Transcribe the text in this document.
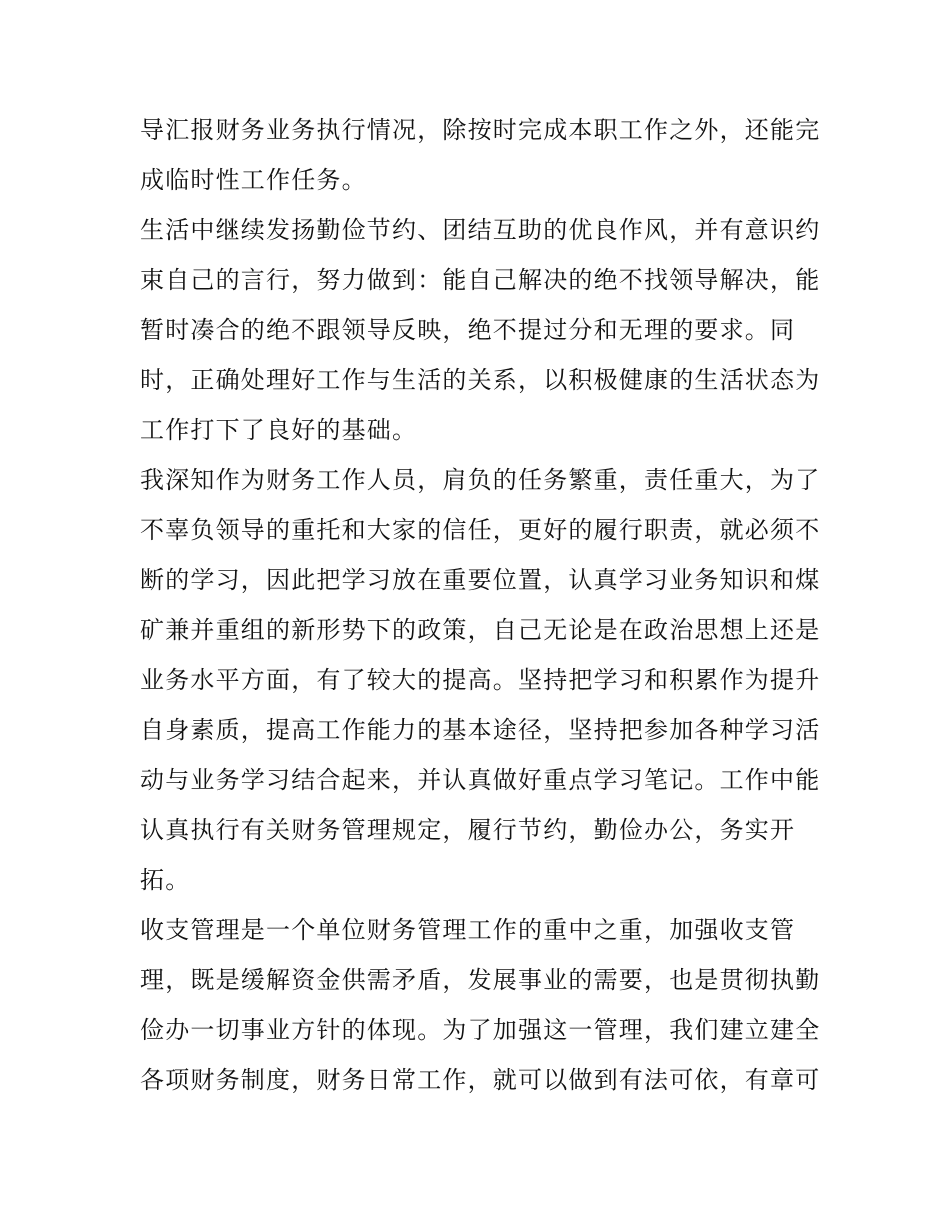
导汇报财务业务执行情况，除按时完成本职工作之外，还能完
成临时性工作任务。
生活中继续发扬勤俭节约、团结互助的优良作风，并有意识约
束自己的言行，努力做到：能自己解决的绝不找领导解决，能
暂时凑合的绝不跟领导反映，绝不提过分和无理的要求。同
时，正确处理好工作与生活的关系，以积极健康的生活状态为
工作打下了良好的基础。
我深知作为财务工作人员，肩负的任务繁重，责任重大，为了
不辜负领导的重托和大家的信任，更好的履行职责，就必须不
断的学习，因此把学习放在重要位置，认真学习业务知识和煤
矿兼并重组的新形势下的政策，自己无论是在政治思想上还是
业务水平方面，有了较大的提高。坚持把学习和积累作为提升
自身素质，提高工作能力的基本途径，坚持把参加各种学习活
动与业务学习结合起来，并认真做好重点学习笔记。工作中能
认真执行有关财务管理规定，履行节约，勤俭办公，务实开
拓。
收支管理是一个单位财务管理工作的重中之重，加强收支管
理，既是缓解资金供需矛盾，发展事业的需要，也是贯彻执勤
俭办一切事业方针的体现。为了加强这一管理，我们建立建全
各项财务制度，财务日常工作，就可以做到有法可依，有章可
